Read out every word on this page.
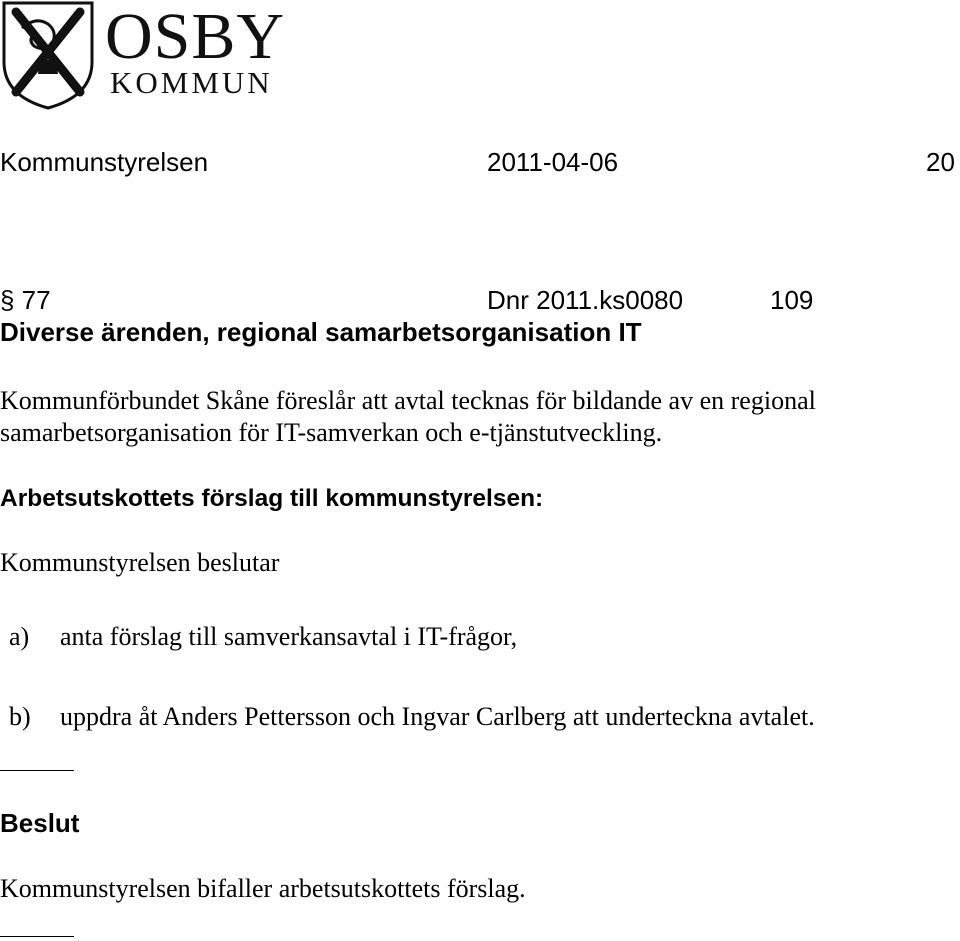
OSBY
KOMMUN
Kommunstyrelsen	2011-04-06	20
§ 77	Dnr 2011.ks0080	109
Diverse ärenden, regional samarbetsorganisation IT
Kommunförbundet Skåne föreslår att avtal tecknas för bildande av en regional
samarbetsorganisation för IT-samverkan och e-tjänstutveckling.
Arbetsutskottets förslag till kommunstyrelsen:
Kommunstyrelsen beslutar
a) anta förslag till samverkansavtal i IT-frågor,
b) uppdra åt Anders Pettersson och Ingvar Carlberg att underteckna avtalet.
Beslut
Kommunstyrelsen bifaller arbetsutskottets förslag.
